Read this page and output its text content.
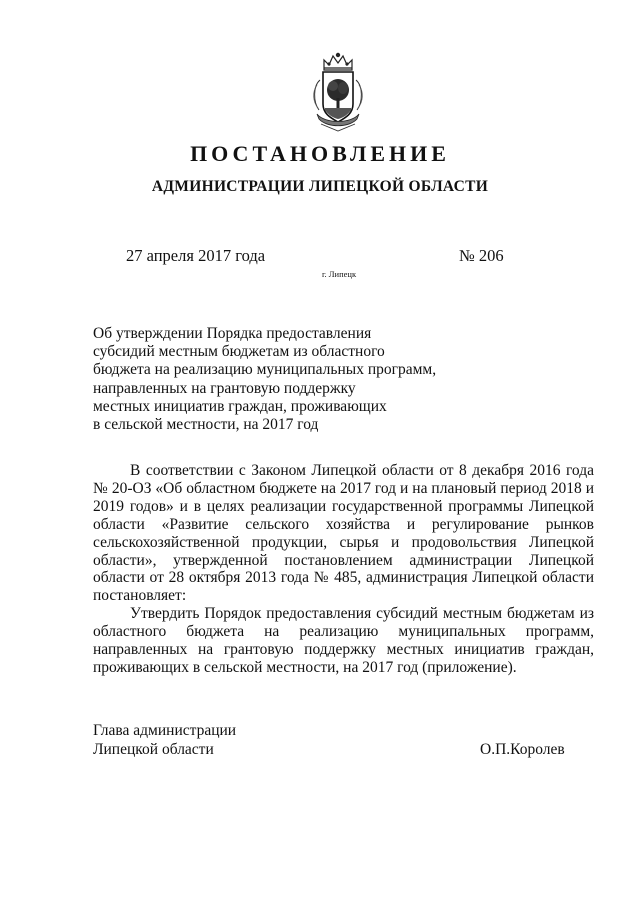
ПОСТАНОВЛЕНИЕ
АДМИНИСТРАЦИИ ЛИПЕЦКОЙ ОБЛАСТИ
27 апреля 2017 года	№ 206
г. Липецк
Об утверждении Порядка предоставления
субсидий местным бюджетам из областного
бюджета на реализацию муниципальных программ,
направленных на грантовую поддержку
местных инициатив граждан, проживающих
в сельской местности, на 2017 год

В соответствии с Законом Липецкой области от 8 декабря 2016 года № 20-ОЗ «Об областном бюджете на 2017 год и на плановый период 2018 и 2019 годов» и в целях реализации государственной программы Липецкой области «Развитие сельского хозяйства и регулирование рынков сельскохозяйственной продукции, сырья и продовольствия Липецкой области», утвержденной постановлением администрации Липецкой области от 28 октября 2013 года № 485, администрация Липецкой области постановляет:

Утвердить Порядок предоставления субсидий местным бюджетам из областного бюджета на реализацию муниципальных программ, направленных на грантовую поддержку местных инициатив граждан, проживающих в сельской местности, на 2017 год (приложение).

Глава администрации
Липецкой области	О.П.Королев
